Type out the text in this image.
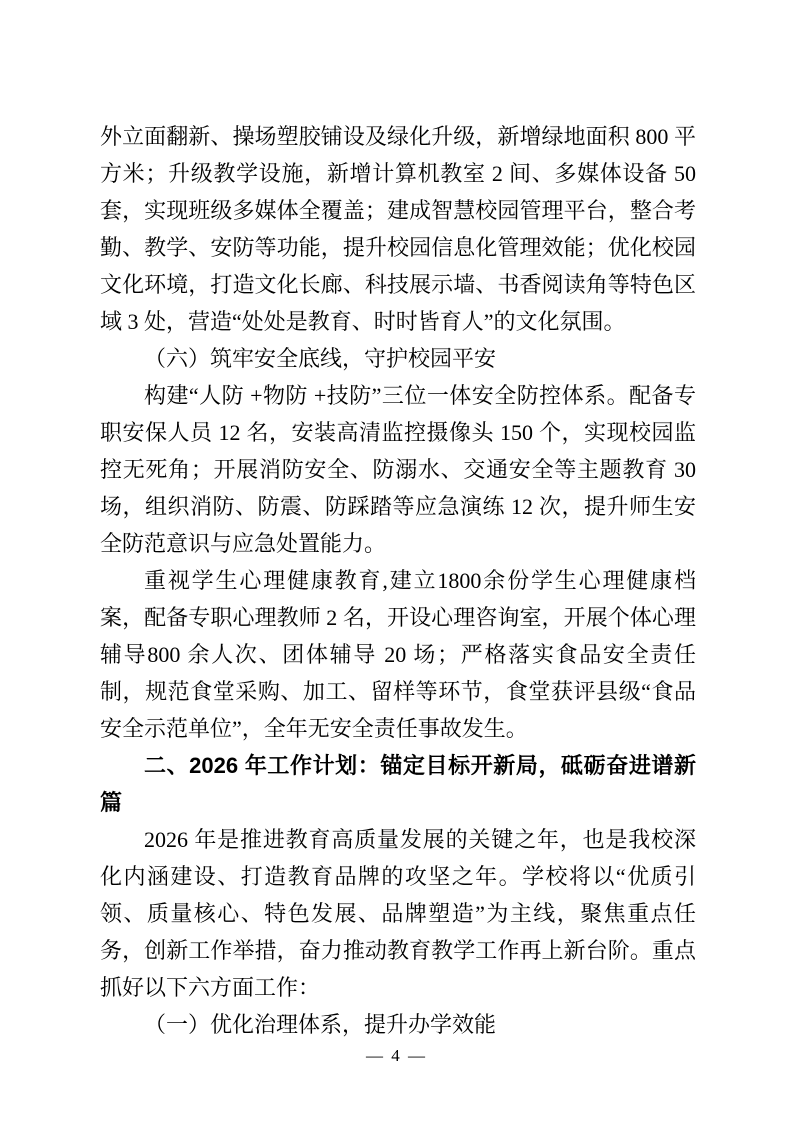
外立面翻新、操场塑胶铺设及绿化升级，新增绿地面积 800 平方米；升级教学设施，新增计算机教室 2 间、多媒体设备 50 套，实现班级多媒体全覆盖；建成智慧校园管理平台，整合考勤、教学、安防等功能，提升校园信息化管理效能；优化校园文化环境，打造文化长廊、科技展示墙、书香阅读角等特色区域 3 处，营造“处处是教育、时时皆育人”的文化氛围。

（六）筑牢安全底线，守护校园平安

构建“人防 +物防 +技防”三位一体安全防控体系。配备专职安保人员 12 名，安装高清监控摄像头 150 个，实现校园监控无死角；开展消防安全、防溺水、交通安全等主题教育 30 场，组织消防、防震、防踩踏等应急演练 12 次，提升师生安全防范意识与应急处置能力。

重视学生心理健康教育,建立1800余份学生心理健康档案，配备专职心理教师 2 名，开设心理咨询室，开展个体心理辅导800 余人次、团体辅导 20 场；严格落实食品安全责任制，规范食堂采购、加工、留样等环节，食堂获评县级“食品安全示范单位”，全年无安全责任事故发生。

二、2026 年工作计划：锚定目标开新局，砥砺奋进谱新篇

2026 年是推进教育高质量发展的关键之年，也是我校深化内涵建设、打造教育品牌的攻坚之年。学校将以“优质引领、质量核心、特色发展、品牌塑造”为主线，聚焦重点任务，创新工作举措，奋力推动教育教学工作再上新台阶。重点抓好以下六方面工作：

（一）优化治理体系，提升办学效能

— 4 —
